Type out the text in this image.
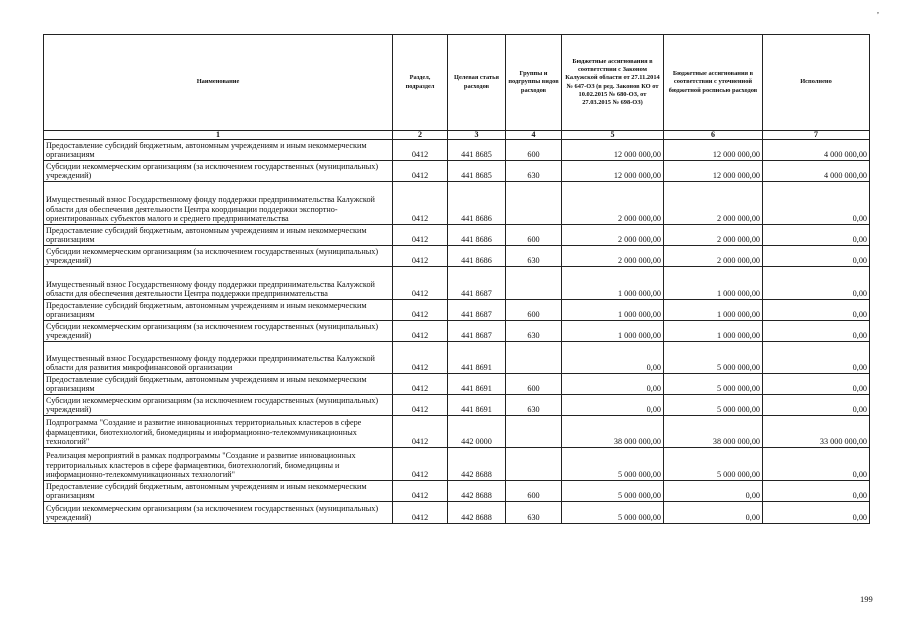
,
Наименование	Раздел, подраздел	Целевая статья расходов	Группы и подгруппы видов расходов	Бюджетные ассигнования в соответствии с Законом Калужской области от 27.11.2014 № 647-ОЗ (в ред. Законов КО от 10.02.2015 № 680-ОЗ, от 27.03.2015 № 698-ОЗ)	Бюджетные ассигнования в соответствии с уточненной бюджетной росписью расходов	Исполнено
1	2	3	4	5	6	7
Предоставление субсидий бюджетным, автономным учреждениям и иным некоммерческим организациям	0412	441 8685	600	12 000 000,00	12 000 000,00	4 000 000,00
Субсидии некоммерческим организациям (за исключением государственных (муниципальных) учреждений)	0412	441 8685	630	12 000 000,00	12 000 000,00	4 000 000,00
Имущественный взнос Государственному фонду поддержки предпринимательства Калужской области для обеспечения деятельности Центра координации поддержки экспортно-ориентированных субъектов малого и среднего предпринимательства	0412	441 8686		2 000 000,00	2 000 000,00	0,00
Предоставление субсидий бюджетным, автономным учреждениям и иным некоммерческим организациям	0412	441 8686	600	2 000 000,00	2 000 000,00	0,00
Субсидии некоммерческим организациям (за исключением государственных (муниципальных) учреждений)	0412	441 8686	630	2 000 000,00	2 000 000,00	0,00
Имущественный взнос Государственному фонду поддержки предпринимательства Калужской области для обеспечения деятельности Центра поддержки предпринимательства	0412	441 8687		1 000 000,00	1 000 000,00	0,00
Предоставление субсидий бюджетным, автономным учреждениям и иным некоммерческим организациям	0412	441 8687	600	1 000 000,00	1 000 000,00	0,00
Субсидии некоммерческим организациям (за исключением государственных (муниципальных) учреждений)	0412	441 8687	630	1 000 000,00	1 000 000,00	0,00
Имущественный взнос Государственному фонду поддержки предпринимательства Калужской области для развития микрофинансовой организации	0412	441 8691		0,00	5 000 000,00	0,00
Предоставление субсидий бюджетным, автономным учреждениям и иным некоммерческим организациям	0412	441 8691	600	0,00	5 000 000,00	0,00
Субсидии некоммерческим организациям (за исключением государственных (муниципальных) учреждений)	0412	441 8691	630	0,00	5 000 000,00	0,00
Подпрограмма "Создание и развитие инновационных территориальных кластеров в сфере фармацевтики, биотехнологий, биомедицины и информационно-телекоммуникационных технологий"	0412	442 0000		38 000 000,00	38 000 000,00	33 000 000,00
Реализация мероприятий в рамках подпрограммы "Создание и развитие инновационных территориальных кластеров в сфере фармацевтики, биотехнологий, биомедицины и информационно-телекоммуникационных технологий"	0412	442 8688		5 000 000,00	5 000 000,00	0,00
Предоставление субсидий бюджетным, автономным учреждениям и иным некоммерческим организациям	0412	442 8688	600	5 000 000,00	0,00	0,00
Субсидии некоммерческим организациям (за исключением государственных (муниципальных) учреждений)	0412	442 8688	630	5 000 000,00	0,00	0,00
199
